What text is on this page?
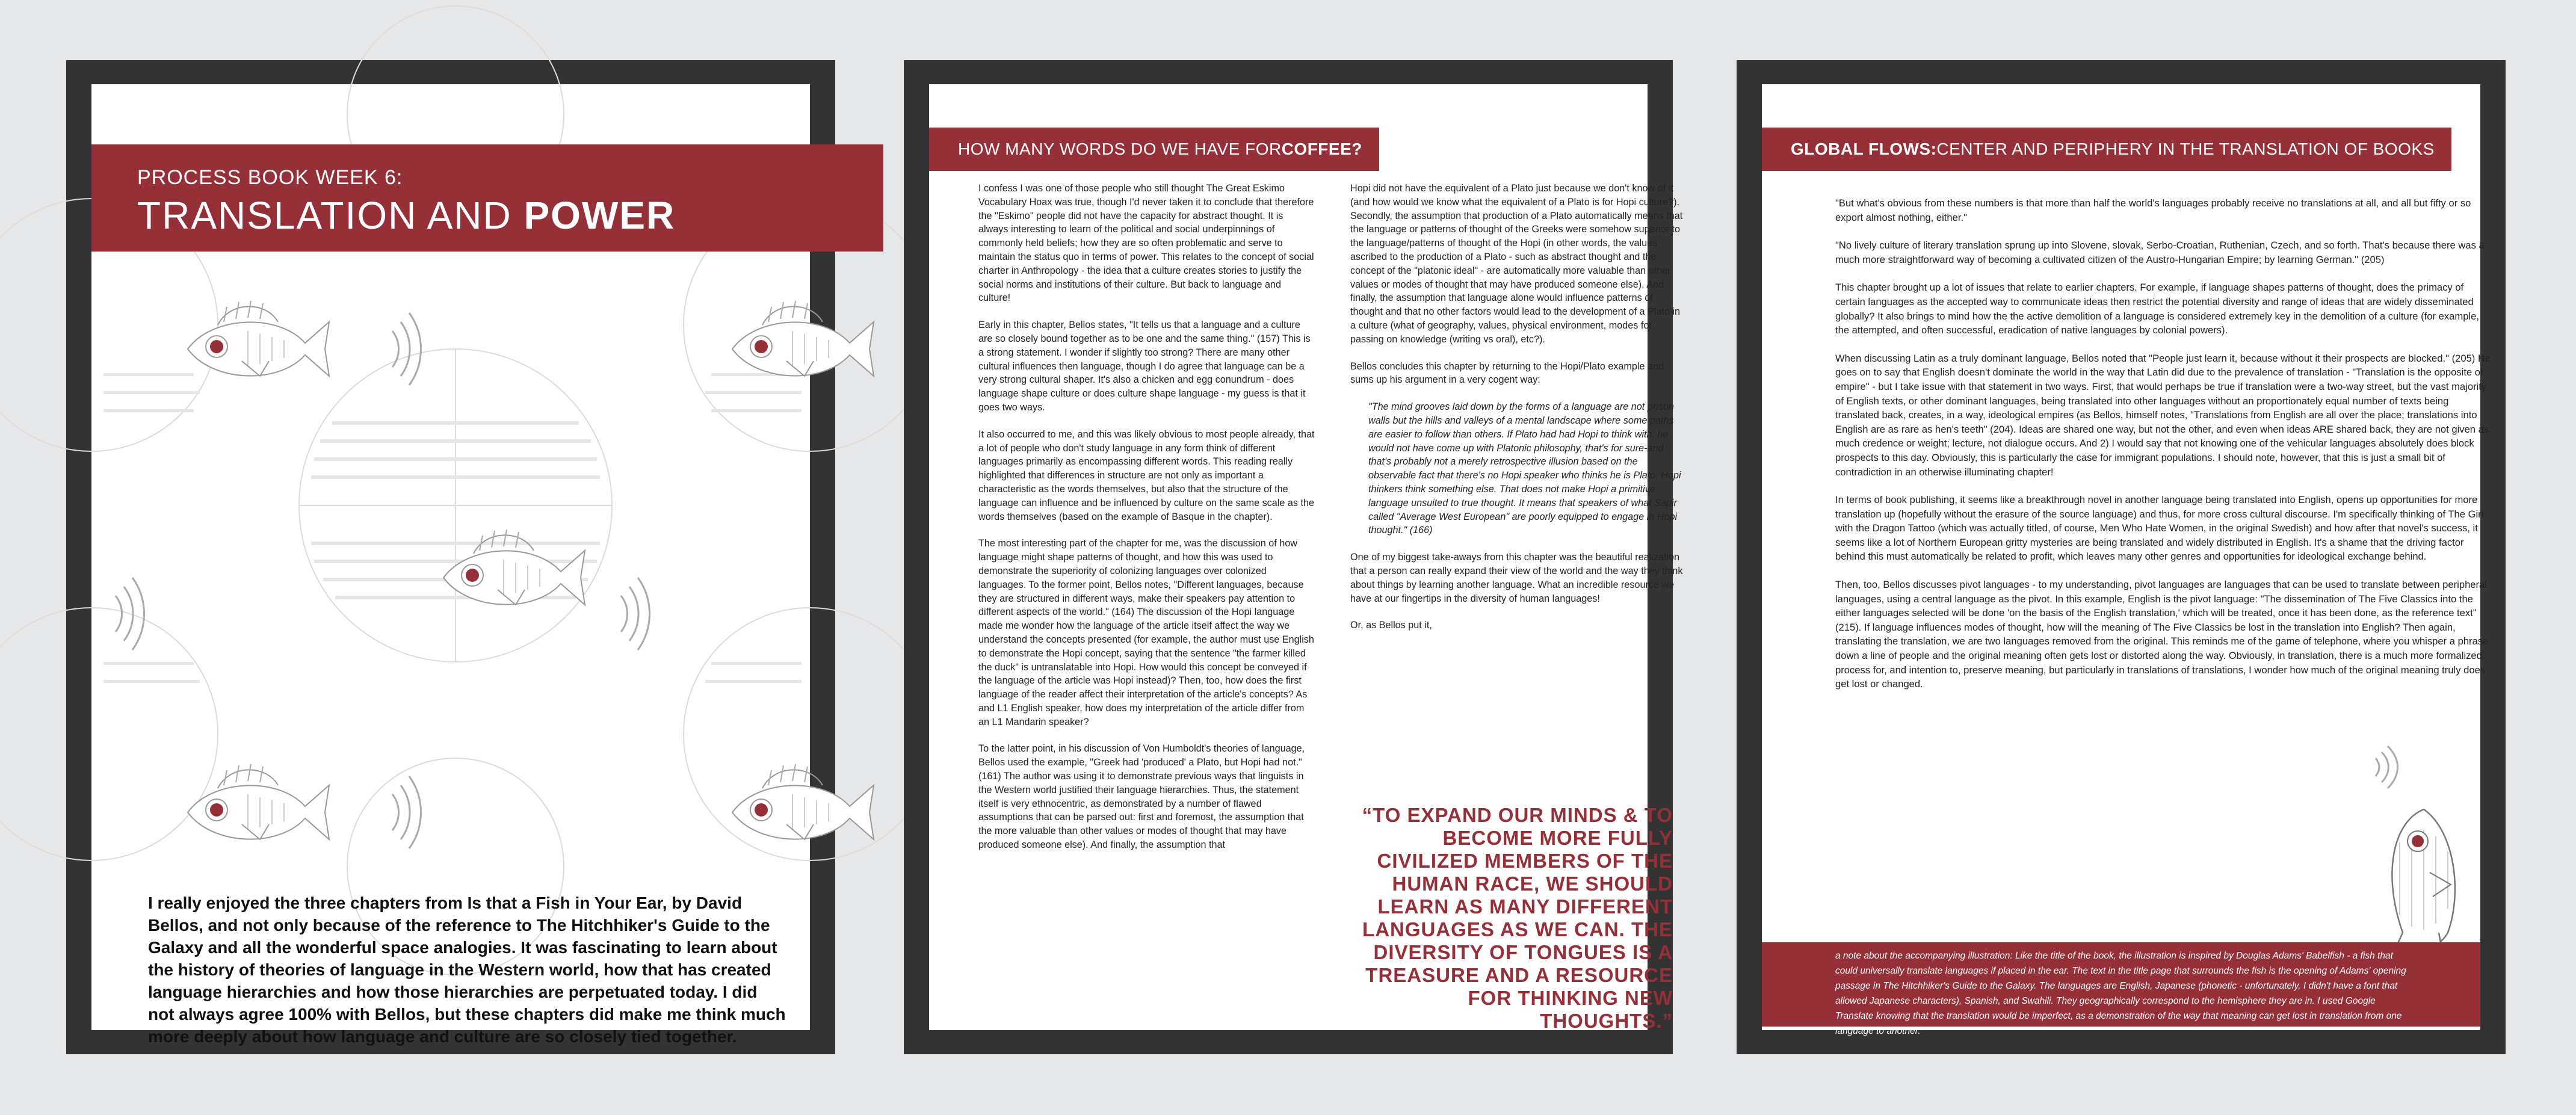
PROCESS BOOK WEEK 6:
TRANSLATION AND POWER
I really enjoyed the three chapters from Is that a Fish in Your Ear, by David Bellos, and not only because of the reference to The Hitchhiker's Guide to the Galaxy and all the wonderful space analogies. It was fascinating to learn about the history of theories of language in the Western world, how that has created language hierarchies and how those hierarchies are perpetuated today. I did not always agree 100% with Bellos, but these chapters did make me think much more deeply about how language and culture are so closely tied together.
HOW MANY WORDS DO WE HAVE FOR COFFEE?

I confess I was one of those people who still thought The Great Eskimo Vocabulary Hoax was true, though I'd never taken it to conclude that therefore the "Eskimo" people did not have the capacity for abstract thought. It is always interesting to learn of the political and social underpinnings of commonly held beliefs; how they are so often problematic and serve to maintain the status quo in terms of power. This relates to the concept of social charter in Anthropology - the idea that a culture creates stories to justify the social norms and institutions of their culture. But back to language and culture!

Early in this chapter, Bellos states, "It tells us that a language and a culture are so closely bound together as to be one and the same thing." (157) This is a strong statement. I wonder if slightly too strong? There are many other cultural influences then language, though I do agree that language can be a very strong cultural shaper. It's also a chicken and egg conundrum - does language shape culture or does culture shape language - my guess is that it goes two ways.

It also occurred to me, and this was likely obvious to most people already, that a lot of people who don't study language in any form think of different languages primarily as encompassing different words. This reading really highlighted that differences in structure are not only as important a characteristic as the words themselves, but also that the structure of the language can influence and be influenced by culture on the same scale as the words themselves (based on the example of Basque in the chapter).

The most interesting part of the chapter for me, was the discussion of how language might shape patterns of thought, and how this was used to demonstrate the superiority of colonizing languages over colonized languages. To the former point, Bellos notes, "Different languages, because they are structured in different ways, make their speakers pay attention to different aspects of the world." (164) The discussion of the Hopi language made me wonder how the language of the article itself affect the way we understand the concepts presented (for example, the author must use English to demonstrate the Hopi concept, saying that the sentence "the farmer killed the duck" is untranslatable into Hopi. How would this concept be conveyed if the language of the article was Hopi instead)? Then, too, how does the first language of the reader affect their interpretation of the article's concepts? As and L1 English speaker, how does my interpretation of the article differ from an L1 Mandarin speaker?

To the latter point, in his discussion of Von Humboldt's theories of language, Bellos used the example, "Greek had 'produced' a Plato, but Hopi had not." (161) The author was using it to demonstrate previous ways that linguists in the Western world justified their language hierarchies. Thus, the statement itself is very ethnocentric, as demonstrated by a number of flawed assumptions that can be parsed out: first and foremost, the assumption that the more valuable than other values or modes of thought that may have produced someone else). And finally, the assumption that

Hopi did not have the equivalent of a Plato just because we don't know of it (and how would we know what the equivalent of a Plato is for Hopi culture?). Secondly, the assumption that production of a Plato automatically means that the language or patterns of thought of the Greeks were somehow superior to the language/patterns of thought of the Hopi (in other words, the values ascribed to the production of a Plato - such as abstract thought and the concept of the "platonic ideal" - are automatically more valuable than other values or modes of thought that may have produced someone else). And finally, the assumption that language alone would influence patterns of thought and that no other factors would lead to the development of a Plato in a culture (what of geography, values, physical environment, modes for passing on knowledge (writing vs oral), etc?).

Bellos concludes this chapter by returning to the Hopi/Plato example and sums up his argument in a very cogent way:

"The mind grooves laid down by the forms of a language are not prison walls but the hills and valleys of a mental landscape where some paths are easier to follow than others. If Plato had had Hopi to think with, he would not have come up with Platonic philosophy, that's for sure-and that's probably not a merely retrospective illusion based on the observable fact that there's no Hopi speaker who thinks he is Plato. Hopi thinkers think something else. That does not make Hopi a primitive language unsuited to true thought. It means that speakers of what Sapir called "Average West European" are poorly equipped to engage in Hopi thought." (166)

One of my biggest take-aways from this chapter was the beautiful realization that a person can really expand their view of the world and the way they think about things by learning another language. What an incredible resource we have at our fingertips in the diversity of human languages!

Or, as Bellos put it,

“TO EXPAND OUR MINDS & TO BECOME MORE FULLY CIVILIZED MEMBERS OF THE HUMAN RACE, WE SHOULD LEARN AS MANY DIFFERENT LANGUAGES AS WE CAN. THE DIVERSITY OF TONGUES IS A TREASURE AND A RESOURCE FOR THINKING NEW THOUGHTS.”
GLOBAL FLOWS: CENTER AND PERIPHERY IN THE TRANSLATION OF BOOKS

"But what's obvious from these numbers is that more than half the world's languages probably receive no translations at all, and all but fifty or so export almost nothing, either."

"No lively culture of literary translation sprung up into Slovene, slovak, Serbo-Croatian, Ruthenian, Czech, and so forth. That's because there was a much more straightforward way of becoming a cultivated citizen of the Austro-Hungarian Empire; by learning German." (205)

This chapter brought up a lot of issues that relate to earlier chapters. For example, if language shapes patterns of thought, does the primacy of certain languages as the accepted way to communicate ideas then restrict the potential diversity and range of ideas that are widely disseminated globally? It also brings to mind how the the active demolition of a language is considered extremely key in the demolition of a culture (for example, the attempted, and often successful, eradication of native languages by colonial powers).

When discussing Latin as a truly dominant language, Bellos noted that "People just learn it, because without it their prospects are blocked." (205) He goes on to say that English doesn't dominate the world in the way that Latin did due to the prevalence of translation - "Translation is the opposite of empire" - but I take issue with that statement in two ways. First, that would perhaps be true if translation were a two-way street, but the vast majority of English texts, or other dominant languages, being translated into other languages without an proportionately equal number of texts being translated back, creates, in a way, ideological empires (as Bellos, himself notes, "Translations from English are all over the place; translations into English are as rare as hen's teeth" (204). Ideas are shared one way, but not the other, and even when ideas ARE shared back, they are not given as much credence or weight; lecture, not dialogue occurs. And 2) I would say that not knowing one of the vehicular languages absolutely does block prospects to this day. Obviously, this is particularly the case for immigrant populations. I should note, however, that this is just a small bit of contradiction in an otherwise illuminating chapter!

In terms of book publishing, it seems like a breakthrough novel in another language being translated into English, opens up opportunities for more translation up (hopefully without the erasure of the source language) and thus, for more cross cultural discourse. I'm specifically thinking of The Girl with the Dragon Tattoo (which was actually titled, of course, Men Who Hate Women, in the original Swedish) and how after that novel's success, it seems like a lot of Northern European gritty mysteries are being translated and widely distributed in English. It's a shame that the driving factor behind this must automatically be related to profit, which leaves many other genres and opportunities for ideological exchange behind.

Then, too, Bellos discusses pivot languages - to my understanding, pivot languages are languages that can be used to translate between peripheral languages, using a central language as the pivot. In this example, English is the pivot language: "The dissemination of The Five Classics into the either languages selected will be done 'on the basis of the English translation,' which will be treated, once it has been done, as the reference text" (215). If language influences modes of thought, how will the meaning of The Five Classics be lost in the translation into English? Then again, translating the translation, we are two languages removed from the original. This reminds me of the game of telephone, where you whisper a phrase down a line of people and the original meaning often gets lost or distorted along the way. Obviously, in translation, there is a much more formalized process for, and intention to, preserve meaning, but particularly in translations of translations, I wonder how much of the original meaning truly does get lost or changed.

a note about the accompanying illustration: Like the title of the book, the illustration is inspired by Douglas Adams' Babelfish - a fish that could universally translate languages if placed in the ear. The text in the title page that surrounds the fish is the opening of Adams' opening passage in The Hitchhiker's Guide to the Galaxy. The languages are English, Japanese (phonetic - unfortunately, I didn't have a font that allowed Japanese characters), Spanish, and Swahili. They geographically correspond to the hemisphere they are in. I used Google Translate knowing that the translation would be imperfect, as a demonstration of the way that meaning can get lost in translation from one language to another.
